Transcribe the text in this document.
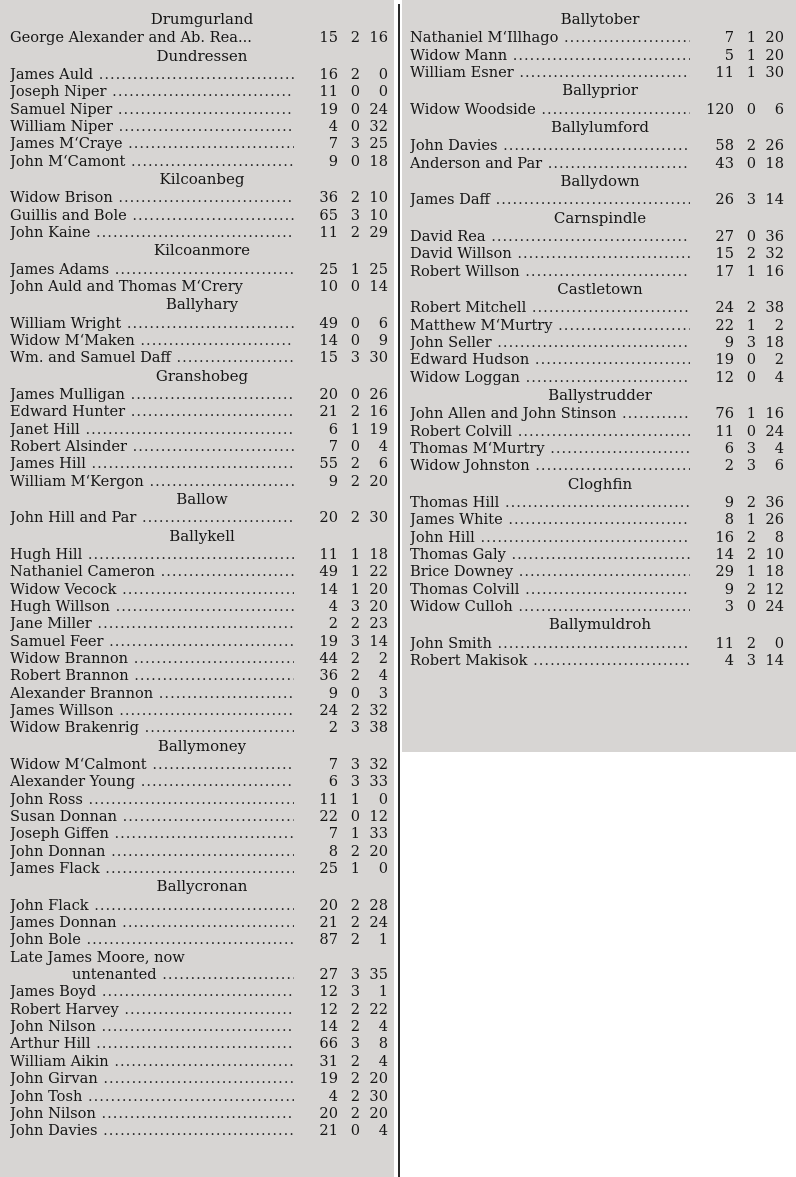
Drumgurland
George Alexander and Ab. Rea...	15 2 16
Dundressen
James Auld .....	16 2	0
Joseph Niper .....	11 0	0
Samuel Niper .....	19 0 24
William Niper .....	4 0 32
James M‘Craye .....	7 3 25
John M‘Camont .....	9 0 18
Kilcoanbeg
Widow Brison .....	36 2 10
Guillis and Bole .....	65 3 10
John Kaine .....	11 2 29
Kilcoanmore
James Adams .....	25 1 25
John Auld and Thomas M‘Crery	10 0 14
Ballyhary
William Wright .....	49 0	6
Widow M‘Maken .....	14 0	9
Wm. and Samuel Daff .....	15 3 30
Granshobeg
James Mulligan .....	20 0 26
Edward Hunter .....	21 2 16
Janet Hill .....	6 1 19
Robert Alsinder .....	7 0	4
James Hill .....	55 2	6
William M‘Kergon .....	9 2 20
Ballow
John Hill and Par .....	20 2 30
Ballykell
Hugh Hill .....	11 1 18
Nathaniel Cameron .....	49 1 22
Widow Vecock .....	14 1 20
Hugh Willson .....	4 3 20
Jane Miller .....	2 2 23
Samuel Feer .....	19 3 14
Widow Brannon .....	44 2	2
Robert Brannon .....	36 2	4
Alexander Brannon .....	9 0	3
James Willson .....	24 2 32
Widow Brakenrig .....	2 3 38
Ballymoney
Widow M‘Calmont .....	7 3 32
Alexander Young .....	6 3 33
John Ross .....	11 1	0
Susan Donnan .....	22 0 12
Joseph Giffen .....	7 1 33
John Donnan .....	8 2 20
James Flack .....	25 1	0
Ballycronan
John Flack .....	20 2 28
James Donnan .....	21 2 24
John Bole .....	87 2	1
Late James Moore, now
untenanted .....	27 3 35
James Boyd .....	12 3	1
Robert Harvey .....	12 2 22
John Nilson .....	14 2	4
Arthur Hill .....	66 3	8
William Aikin .....	31 2	4
John Girvan .....	19 2 20
John Tosh .....	4 2 30
John Nilson .....	20 2 20
John Davies .....	21 0	4
Ballytober
Nathaniel M‘Illhago .....	7 1 20
Widow Mann .....	5 1 20
William Esner .....	11 1 30
Ballyprior
Widow Woodside .....	120 0	6
Ballylumford
John Davies .....	58 2 26
Anderson and Par .....	43 0 18
Ballydown
James Daff .....	26 3 14
Carnspindle
David Rea .....	27 0 36
David Willson .....	15 2 32
Robert Willson .....	17 1 16
Castletown
Robert Mitchell .....	24 2 38
Matthew M‘Murtry .....	22 1	2
John Seller .....	9 3 18
Edward Hudson .....	19 0	2
Widow Loggan .....	12 0	4
Ballystrudder
John Allen and John Stinson .....	76 1 16
Robert Colvill .....	11 0 24
Thomas M‘Murtry .....	6 3	4
Widow Johnston .....	2 3	6
Cloghfin
Thomas Hill .....	9 2 36
James White .....	8 1 26
John Hill .....	16 2	8
Thomas Galy .....	14 2 10
Brice Downey .....	29 1 18
Thomas Colvill .....	9 2 12
Widow Culloh .....	3 0 24
Ballymuldroh
John Smith .....	11 2	0
Robert Makisok .....	4 3 14
